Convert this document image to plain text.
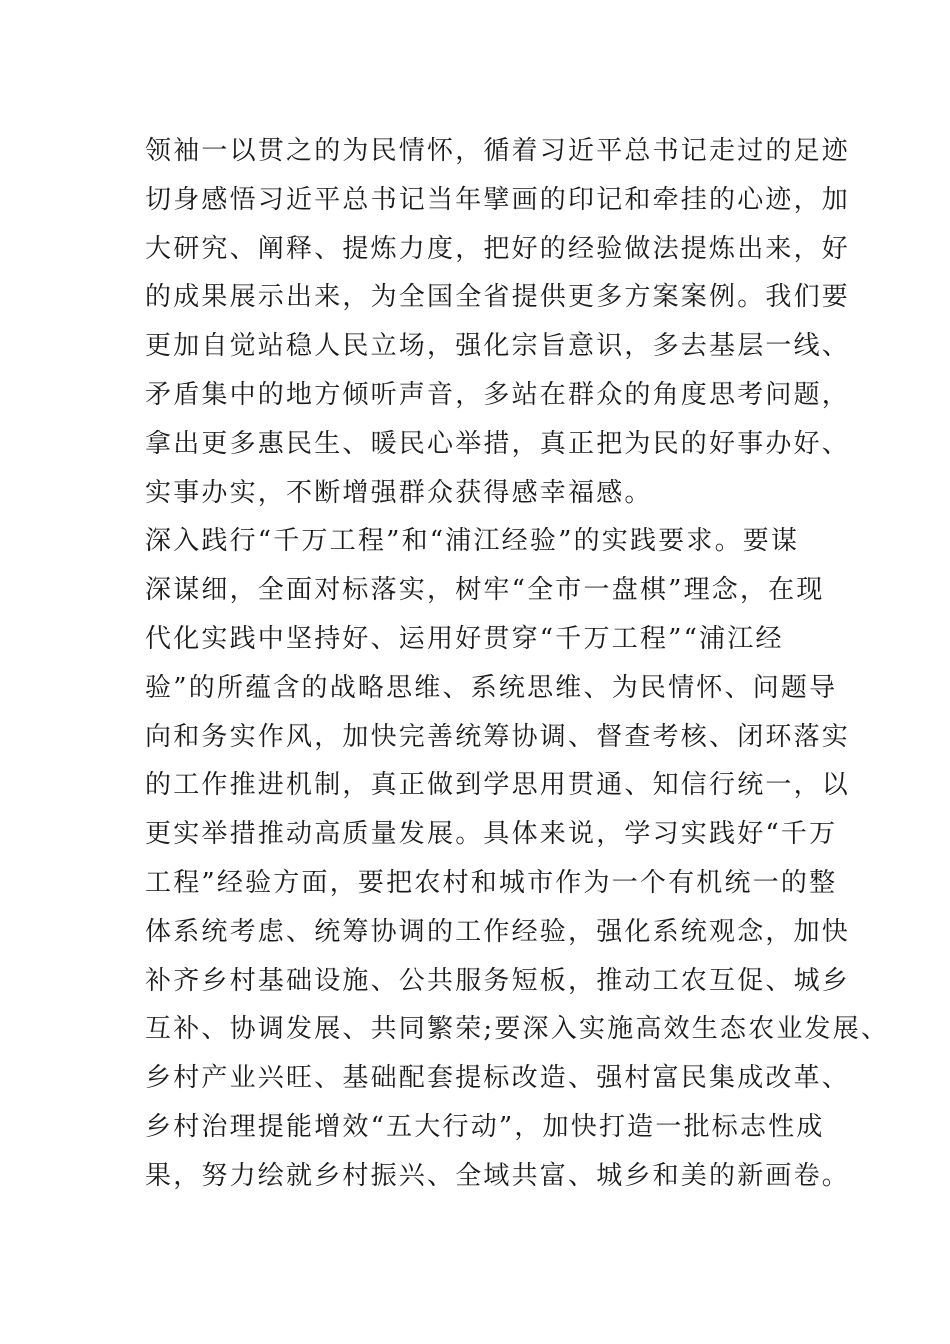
领袖一以贯之的为民情怀，循着习近平总书记走过的足迹
切身感悟习近平总书记当年擘画的印记和牵挂的心迹，加
大研究、阐释、提炼力度，把好的经验做法提炼出来，好
的成果展示出来，为全国全省提供更多方案案例。我们要
更加自觉站稳人民立场，强化宗旨意识，多去基层一线、
矛盾集中的地方倾听声音，多站在群众的角度思考问题，
拿出更多惠民生、暖民心举措，真正把为民的好事办好、
实事办实，不断增强群众获得感幸福感。
深入践行“千万工程”和“浦江经验”的实践要求。要谋
深谋细，全面对标落实，树牢“全市一盘棋”理念，在现
代化实践中坚持好、运用好贯穿“千万工程”“浦江经
验”的所蕴含的战略思维、系统思维、为民情怀、问题导
向和务实作风，加快完善统筹协调、督查考核、闭环落实
的工作推进机制，真正做到学思用贯通、知信行统一，以
更实举措推动高质量发展。具体来说，学习实践好“千万
工程”经验方面，要把农村和城市作为一个有机统一的整
体系统考虑、统筹协调的工作经验，强化系统观念，加快
补齐乡村基础设施、公共服务短板，推动工农互促、城乡
互补、协调发展、共同繁荣;要深入实施高效生态农业发展、
乡村产业兴旺、基础配套提标改造、强村富民集成改革、
乡村治理提能增效“五大行动”，加快打造一批标志性成
果，努力绘就乡村振兴、全域共富、城乡和美的新画卷。
